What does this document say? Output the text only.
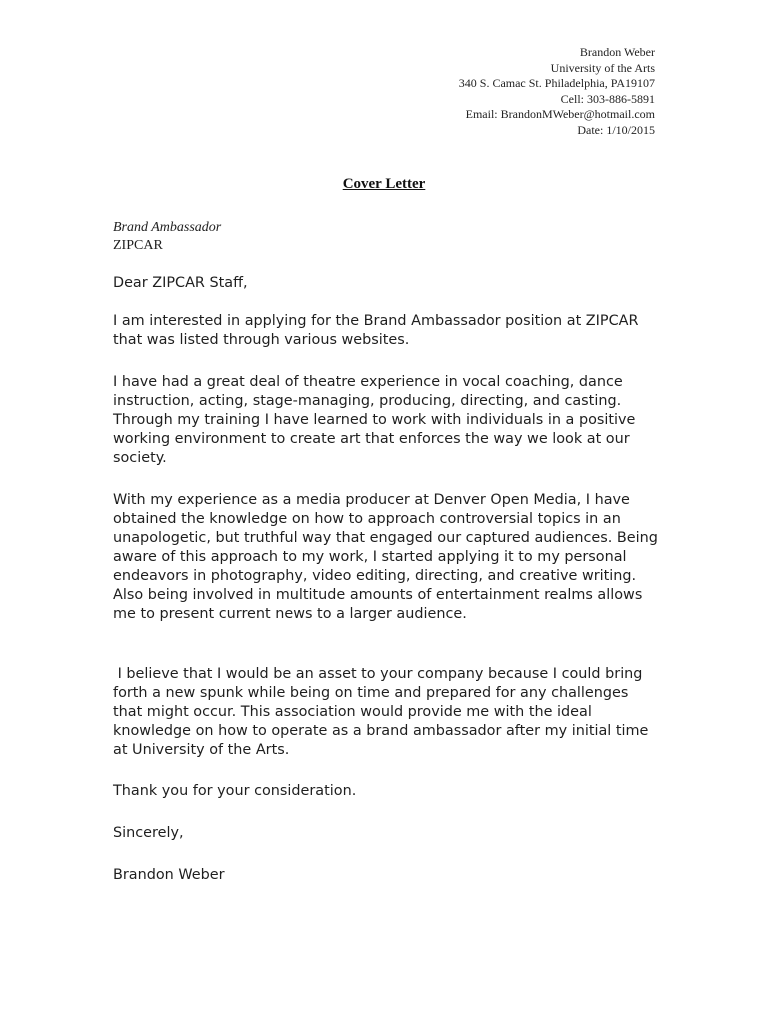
Brandon Weber
University of the Arts
340 S. Camac St. Philadelphia, PA19107
Cell: 303-886-5891
Email: BrandonMWeber@hotmail.com
Date: 1/10/2015
Cover Letter
Brand Ambassador
ZIPCAR

Dear ZIPCAR Staff,

I am interested in applying for the Brand Ambassador position at ZIPCAR that was listed through various websites.

I have had a great deal of theatre experience in vocal coaching, dance instruction, acting, stage-managing, producing, directing, and casting. Through my training I have learned to work with individuals in a positive working environment to create art that enforces the way we look at our society.

With my experience as a media producer at Denver Open Media, I have obtained the knowledge on how to approach controversial topics in an unapologetic, but truthful way that engaged our captured audiences. Being aware of this approach to my work, I started applying it to my personal endeavors in photography, video editing, directing, and creative writing. Also being involved in multitude amounts of entertainment realms allows me to present current news to a larger audience.

I believe that I would be an asset to your company because I could bring forth a new spunk while being on time and prepared for any challenges that might occur. This association would provide me with the ideal knowledge on how to operate as a brand ambassador after my initial time at University of the Arts.

Thank you for your consideration.

Sincerely,

Brandon Weber
